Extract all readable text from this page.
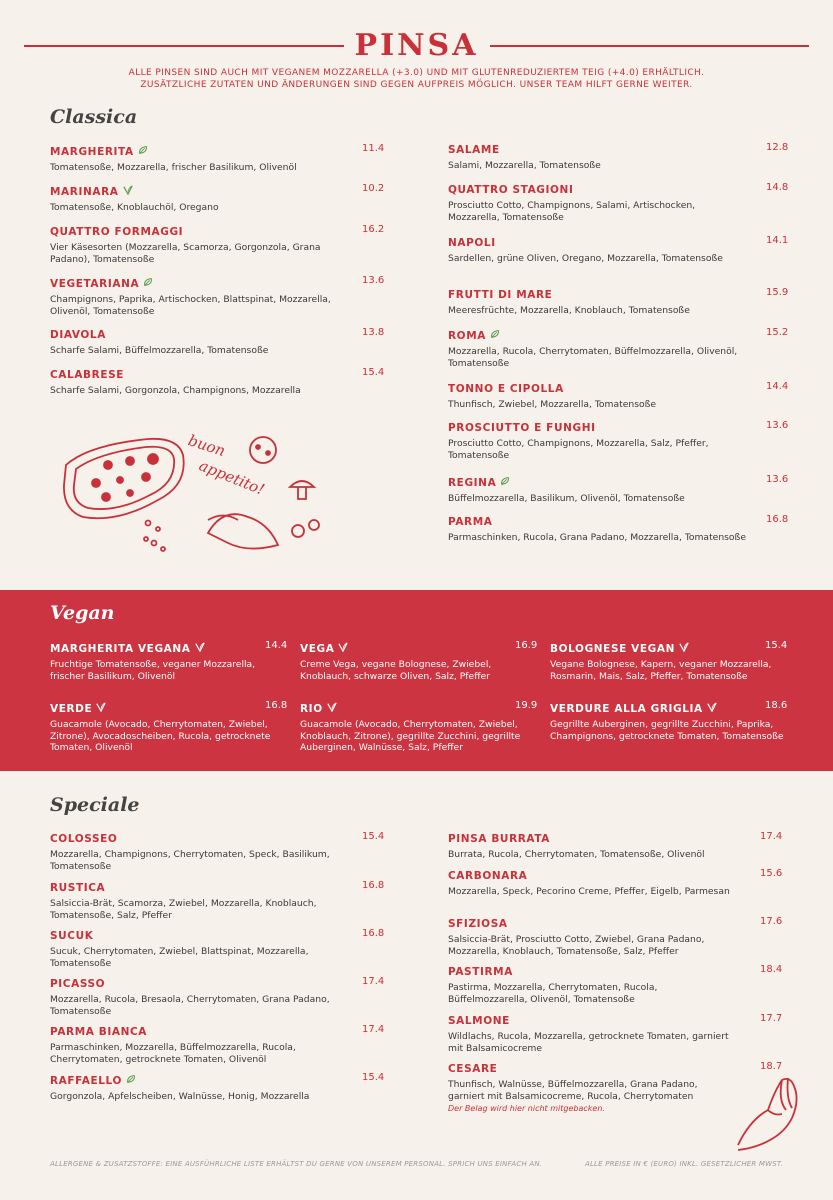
PINSA
ALLE PINSEN SIND AUCH MIT VEGANEM MOZZARELLA (+3.0) UND MIT GLUTENREDUZIERTEM TEIG (+4.0) ERHÄLTLICH.
ZUSÄTZLICHE ZUTATEN UND ÄNDERUNGEN SIND GEGEN AUFPREIS MÖGLICH. UNSER TEAM HILFT GERNE WEITER.
Classica
MARGHERITA	11.4
Tomatensoße, Mozzarella, frischer Basilikum, Olivenöl
MARINARA	10.2
Tomatensoße, Knoblauchöl, Oregano
QUATTRO FORMAGGI	16.2
Vier Käsesorten (Mozzarella, Scamorza, Gorgonzola, Grana Padano), Tomatensoße
VEGETARIANA	13.6
Champignons, Paprika, Artischocken, Blattspinat, Mozzarella, Olivenöl, Tomatensoße
DIAVOLA	13.8
Scharfe Salami, Büffelmozzarella, Tomatensoße
CALABRESE	15.4
Scharfe Salami, Gorgonzola, Champignons, Mozzarella
SALAME	12.8
Salami, Mozzarella, Tomatensoße
QUATTRO STAGIONI	14.8
Prosciutto Cotto, Champignons, Salami, Artischocken, Mozzarella, Tomatensoße
NAPOLI	14.1
Sardellen, grüne Oliven, Oregano, Mozzarella, Tomatensoße
FRUTTI DI MARE	15.9
Meeresfrüchte, Mozzarella, Knoblauch, Tomatensoße
ROMA	15.2
Mozzarella, Rucola, Cherrytomaten, Büffelmozzarella, Olivenöl, Tomatensoße
TONNO E CIPOLLA	14.4
Thunfisch, Zwiebel, Mozzarella, Tomatensoße
PROSCIUTTO E FUNGHI	13.6
Prosciutto Cotto, Champignons, Mozzarella, Salz, Pfeffer, Tomatensoße
REGINA	13.6
Büffelmozzarella, Basilikum, Olivenöl, Tomatensoße
PARMA	16.8
Parmaschinken, Rucola, Grana Padano, Mozzarella, Tomatensoße
buon
appetito!
Vegan
MARGHERITA VEGANA	14.4
Fruchtige Tomatensoße, veganer Mozzarella, frischer Basilikum, Olivenöl
VEGA	16.9
Creme Vega, vegane Bolognese, Zwiebel, Knoblauch, schwarze Oliven, Salz, Pfeffer
BOLOGNESE VEGAN	15.4
Vegane Bolognese, Kapern, veganer Mozzarella, Rosmarin, Mais, Salz, Pfeffer, Tomatensoße
VERDE	16.8
Guacamole (Avocado, Cherrytomaten, Zwiebel, Zitrone), Avocadoscheiben, Rucola, getrocknete Tomaten, Olivenöl
RIO	19.9
Guacamole (Avocado, Cherrytomaten, Zwiebel, Knoblauch, Zitrone), gegrillte Zucchini, gegrillte Auberginen, Walnüsse, Salz, Pfeffer
VERDURE ALLA GRIGLIA	18.6
Gegrillte Auberginen, gegrillte Zucchini, Paprika, Champignons, getrocknete Tomaten, Tomatensoße
Speciale
COLOSSEO	15.4
Mozzarella, Champignons, Cherrytomaten, Speck, Basilikum, Tomatensoße
RUSTICA	16.8
Salsiccia-Brät, Scamorza, Zwiebel, Mozzarella, Knoblauch, Tomatensoße, Salz, Pfeffer
SUCUK	16.8
Sucuk, Cherrytomaten, Zwiebel, Blattspinat, Mozzarella, Tomatensoße
PICASSO	17.4
Mozzarella, Rucola, Bresaola, Cherrytomaten, Grana Padano, Tomatensoße
PARMA BIANCA	17.4
Parmaschinken, Mozzarella, Büffelmozzarella, Rucola, Cherrytomaten, getrocknete Tomaten, Olivenöl
RAFFAELLO	15.4
Gorgonzola, Apfelscheiben, Walnüsse, Honig, Mozzarella
PINSA BURRATA	17.4
Burrata, Rucola, Cherrytomaten, Tomatensoße, Olivenöl
CARBONARA	15.6
Mozzarella, Speck, Pecorino Creme, Pfeffer, Eigelb, Parmesan
SFIZIOSA	17.6
Salsiccia-Brät, Prosciutto Cotto, Zwiebel, Grana Padano, Mozzarella, Knoblauch, Tomatensoße, Salz, Pfeffer
PASTIRMA	18.4
Pastirma, Mozzarella, Cherrytomaten, Rucola, Büffelmozzarella, Olivenöl, Tomatensoße
SALMONE	17.7
Wildlachs, Rucola, Mozzarella, getrocknete Tomaten, garniert mit Balsamicocreme
CESARE	18.7
Thunfisch, Walnüsse, Büffelmozzarella, Grana Padano, garniert mit Balsamicocreme, Rucola, Cherrytomaten
Der Belag wird hier nicht mitgebacken.
ALLERGENE & ZUSATZSTOFFE: EINE AUSFÜHRLICHE LISTE ERHÄLTST DU GERNE VON UNSEREM PERSONAL. SPRICH UNS EINFACH AN.	ALLE PREISE IN € (EURO) INKL. GESETZLICHER MWST.
